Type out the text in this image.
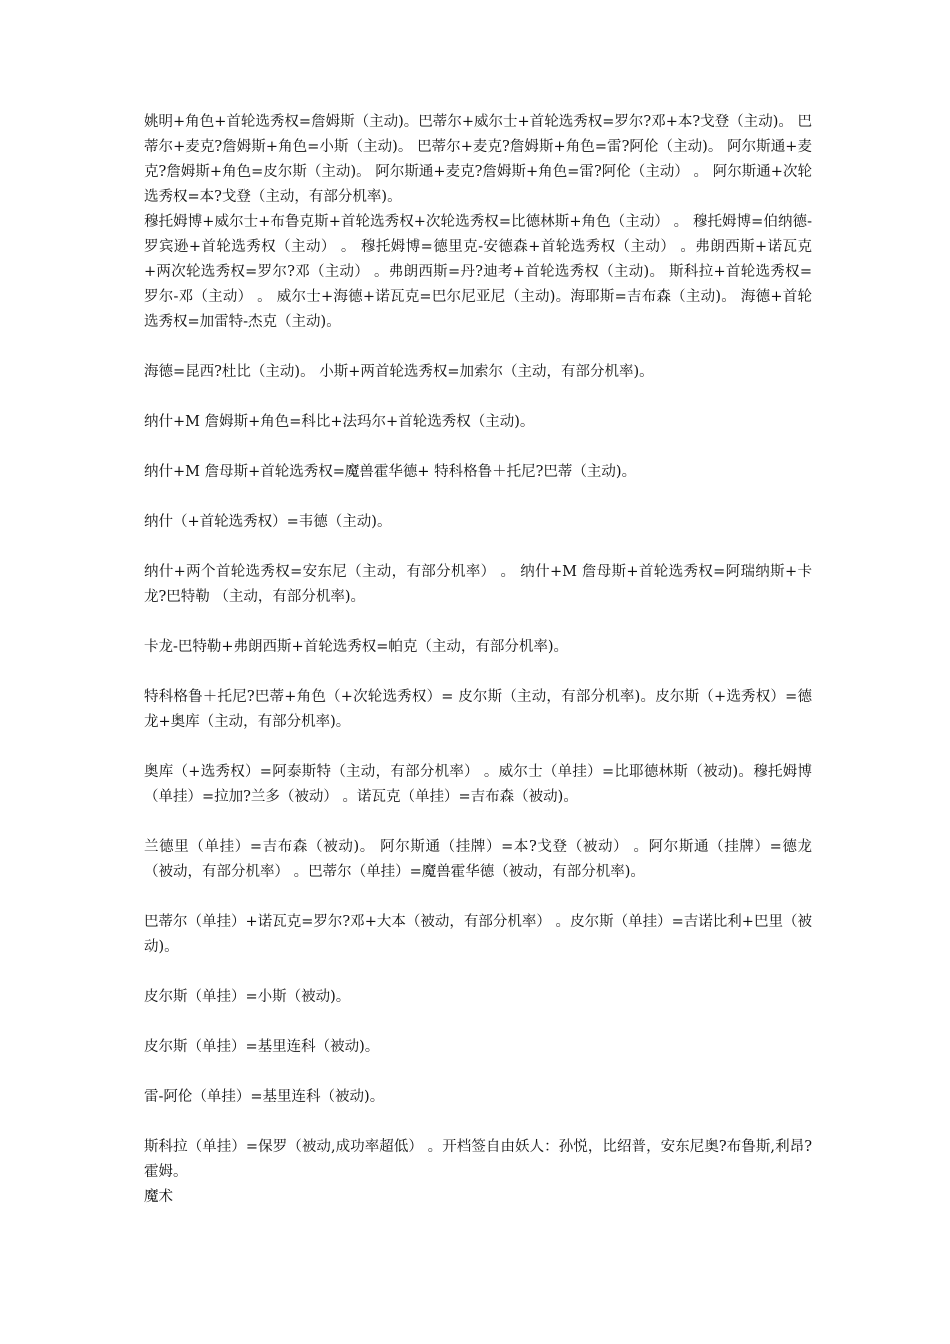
姚明+角色+首轮选秀权=詹姆斯（主动)。巴蒂尔+威尔士+首轮选秀权=罗尔?邓+本?戈登（主动)。 巴蒂尔+麦克?詹姆斯+角色=小斯（主动)。 巴蒂尔+麦克?詹姆斯+角色=雷?阿伦（主动)。 阿尔斯通+麦克?詹姆斯+角色=皮尔斯（主动)。 阿尔斯通+麦克?詹姆斯+角色=雷?阿伦（主动） 。 阿尔斯通+次轮选秀权=本?戈登（主动，有部分机率)。

穆托姆博+威尔士+布鲁克斯+首轮选秀权+次轮选秀权=比德林斯+角色（主动） 。 穆托姆博=伯纳德-罗宾逊+首轮选秀权（主动） 。 穆托姆博=德里克-安德森+首轮选秀权（主动） 。弗朗西斯+诺瓦克+两次轮选秀权=罗尔?邓（主动） 。弗朗西斯=丹?迪考+首轮选秀权（主动)。 斯科拉+首轮选秀权=罗尔-邓（主动） 。 威尔士+海德+诺瓦克=巴尔尼亚尼（主动)。海耶斯=吉布森（主动)。 海德+首轮选秀权=加雷特-杰克（主动)。

海德=昆西?杜比（主动)。 小斯+两首轮选秀权=加索尔（主动，有部分机率)。

纳什+M 詹姆斯+角色=科比+法玛尔+首轮选秀权（主动)。

纳什+M 詹母斯+首轮选秀权=魔兽霍华德+ 特科格鲁＋托尼?巴蒂（主动)。

纳什（+首轮选秀权）=韦德（主动)。

纳什+两个首轮选秀权=安东尼（主动，有部分机率） 。 纳什+M 詹母斯+首轮选秀权=阿瑞纳斯+卡龙?巴特勒 （主动，有部分机率)。

卡龙-巴特勒+弗朗西斯+首轮选秀权=帕克（主动，有部分机率)。

特科格鲁＋托尼?巴蒂+角色（+次轮选秀权）= 皮尔斯（主动，有部分机率)。皮尔斯（+选秀权）=德龙+奥库（主动，有部分机率)。

奥库（+选秀权）=阿泰斯特（主动，有部分机率） 。威尔士（单挂）=比耶德林斯（被动)。穆托姆博（单挂）=拉加?兰多（被动） 。诺瓦克（单挂）=吉布森（被动)。

兰德里（单挂）=吉布森（被动)。 阿尔斯通（挂牌）=本?戈登（被动） 。阿尔斯通（挂牌）=德龙（被动，有部分机率） 。巴蒂尔（单挂）=魔兽霍华德（被动，有部分机率)。

巴蒂尔（单挂）+诺瓦克=罗尔?邓+大本（被动，有部分机率） 。皮尔斯（单挂）=吉诺比利+巴里（被动)。

皮尔斯（单挂）=小斯（被动)。

皮尔斯（单挂）=基里连科（被动)。

雷-阿伦（单挂）=基里连科（被动)。

斯科拉（单挂）=保罗（被动,成功率超低） 。开档签自由妖人：孙悦，比绍普，安东尼奥?布鲁斯,利昂?霍姆。

魔术
